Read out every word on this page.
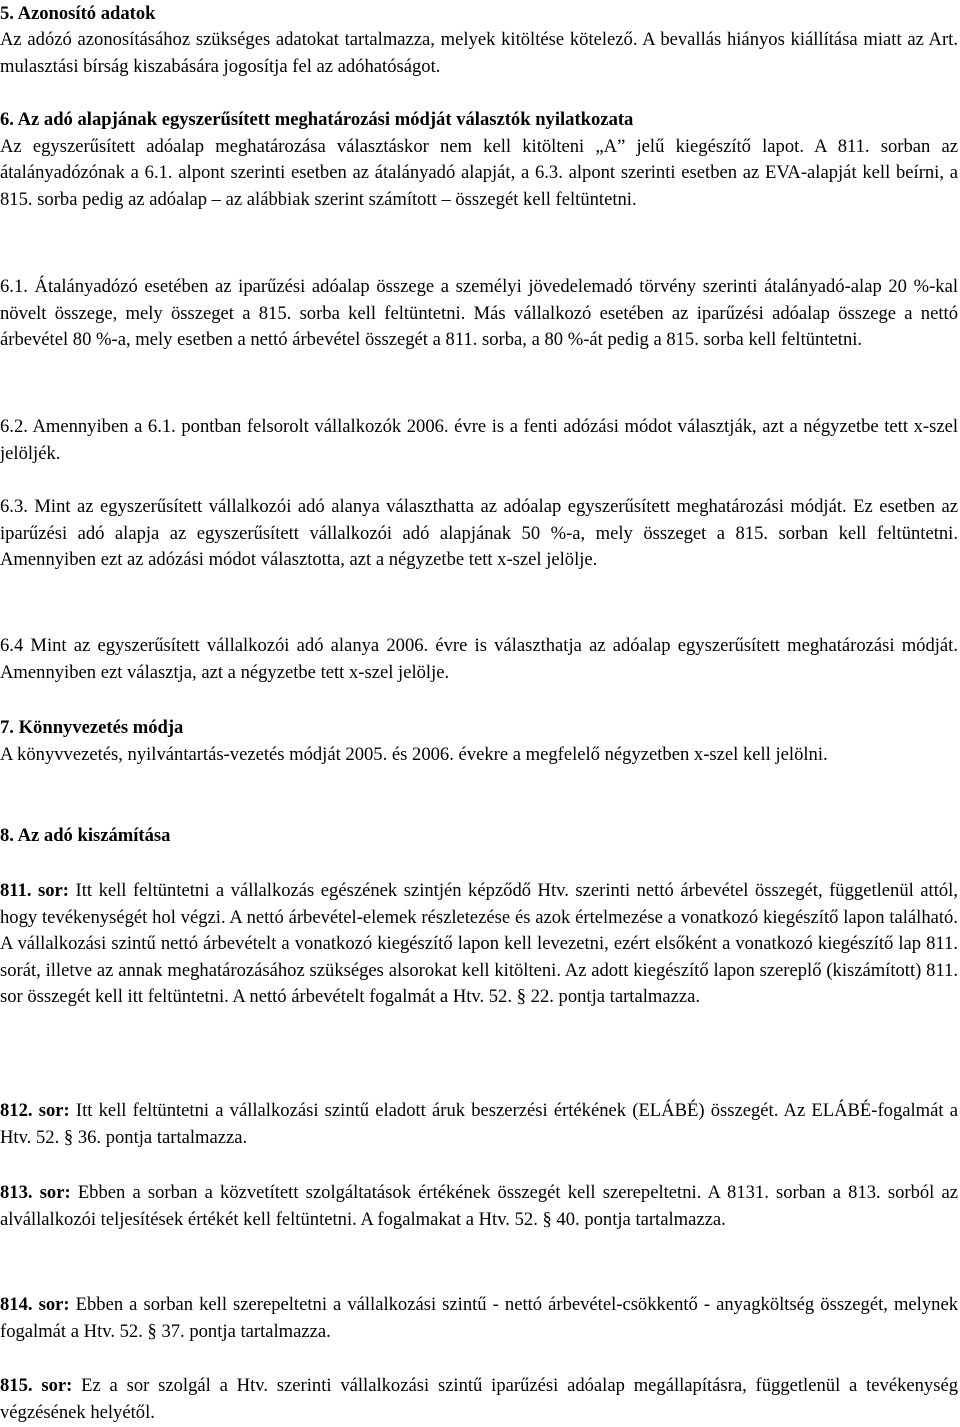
5. Azonosító adatok
Az adózó azonosításához szükséges adatokat tartalmazza, melyek kitöltése kötelező. A bevallás hiányos kiállítása miatt az Art. mulasztási bírság kiszabására jogosítja fel az adóhatóságot.
6. Az adó alapjának egyszerűsített meghatározási módját választók nyilatkozata
Az egyszerűsített adóalap meghatározása választáskor nem kell kitölteni „A” jelű kiegészítő lapot. A 811. sorban az átalányadózónak a 6.1. alpont szerinti esetben az átalányadó alapját, a 6.3. alpont szerinti esetben az EVA-alapját kell beírni, a 815. sorba pedig az adóalap – az alábbiak szerint számított – összegét kell feltüntetni.
6.1. Átalányadózó esetében az iparűzési adóalap összege a személyi jövedelemadó törvény szerinti átalányadó-alap 20 %-kal növelt összege, mely összeget a 815. sorba kell feltüntetni. Más vállalkozó esetében az iparűzési adóalap összege a nettó árbevétel 80 %-a, mely esetben a nettó árbevétel összegét a 811. sorba, a 80 %-át pedig a 815. sorba kell feltüntetni.
6.2. Amennyiben a 6.1. pontban felsorolt vállalkozók 2006. évre is a fenti adózási módot választják, azt a négyzetbe tett x-szel jelöljék.
6.3. Mint az egyszerűsített vállalkozói adó alanya választhatta az adóalap egyszerűsített meghatározási módját. Ez esetben az iparűzési adó alapja az egyszerűsített vállalkozói adó alapjának 50 %-a, mely összeget a 815. sorban kell feltüntetni. Amennyiben ezt az adózási módot választotta, azt a négyzetbe tett x-szel jelölje.
6.4 Mint az egyszerűsített vállalkozói adó alanya 2006. évre is választhatja az adóalap egyszerűsített meghatározási módját. Amennyiben ezt választja, azt a négyzetbe tett x-szel jelölje.
7. Könnyvezetés módja
A könyvvezetés, nyilvántartás-vezetés módját 2005. és 2006. évekre a megfelelő négyzetben x-szel kell jelölni.
8. Az adó kiszámítása
811. sor: Itt kell feltüntetni a vállalkozás egészének szintjén képződő Htv. szerinti nettó árbevétel összegét, függetlenül attól, hogy tevékenységét hol végzi. A nettó árbevétel-elemek részletezése és azok értelmezése a vonatkozó kiegészítő lapon található. A vállalkozási szintű nettó árbevételt a vonatkozó kiegészítő lapon kell levezetni, ezért elsőként a vonatkozó kiegészítő lap 811. sorát, illetve az annak meghatározásához szükséges alsorokat kell kitölteni. Az adott kiegészítő lapon szereplő (kiszámított) 811. sor összegét kell itt feltüntetni. A nettó árbevételt fogalmát a Htv. 52. § 22. pontja tartalmazza.
812. sor: Itt kell feltüntetni a vállalkozási szintű eladott áruk beszerzési értékének (ELÁBÉ) összegét. Az ELÁBÉ-fogalmát a Htv. 52. § 36. pontja tartalmazza.
813. sor: Ebben a sorban a közvetített szolgáltatások értékének összegét kell szerepeltetni. A 8131. sorban a 813. sorból az alvállalkozói teljesítések értékét kell feltüntetni. A fogalmakat a Htv. 52. § 40. pontja tartalmazza.
814. sor: Ebben a sorban kell szerepeltetni a vállalkozási szintű - nettó árbevétel-csökkentő - anyagköltség összegét, melynek fogalmát a Htv. 52. § 37. pontja tartalmazza.
815. sor: Ez a sor szolgál a Htv. szerinti vállalkozási szintű iparűzési adóalap megállapításra, függetlenül a tevékenység végzésének helyétől.
